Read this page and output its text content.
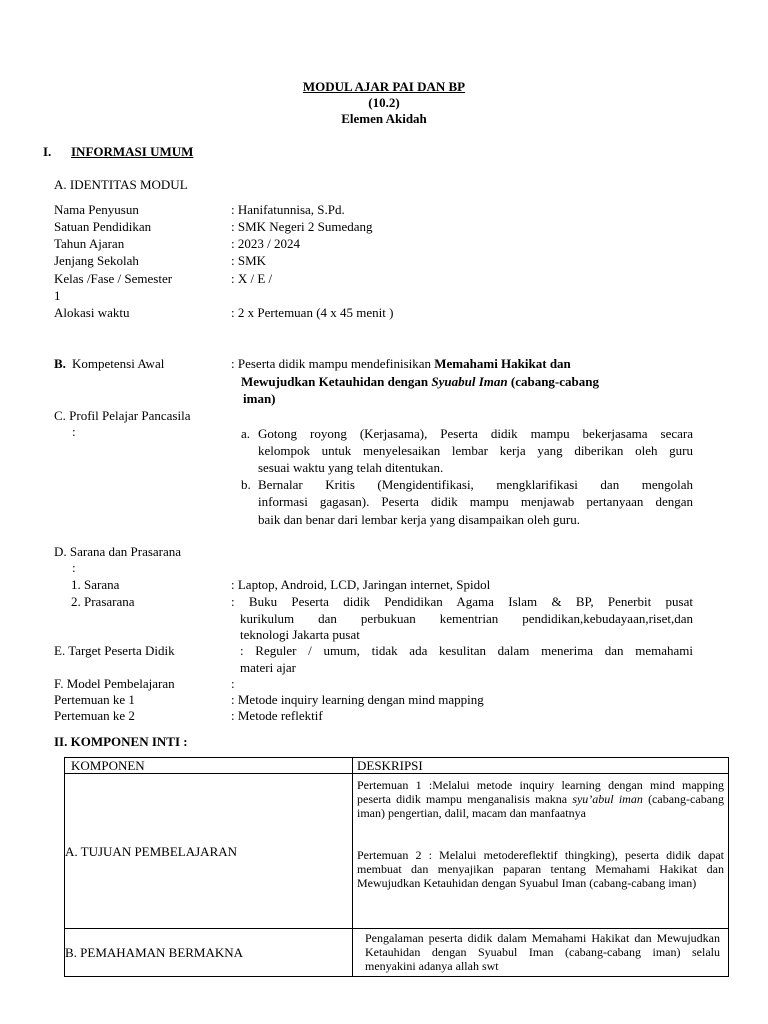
MODUL AJAR PAI DAN BP
(10.2)
Elemen Akidah
I. INFORMASI UMUM
A. IDENTITAS MODUL
Nama Penyusun	: Hanifatunnisa, S.Pd.
Satuan Pendidikan	: SMK Negeri 2 Sumedang
Tahun Ajaran	: 2023 / 2024
Jenjang Sekolah	: SMK
Kelas /Fase / Semester	: X / E /
1
Alokasi waktu	: 2 x Pertemuan (4 x 45 menit )
B. Kompetensi Awal	: Peserta didik mampu mendefinisikan Memahami Hakikat dan
Mewujudkan Ketauhidan dengan Syuabul Iman (cabang-cabang
iman)
C. Profil Pelajar Pancasila
:	a. Gotong royong (Kerjasama), Peserta didik mampu bekerjasama secara
kelompok untuk menyelesaikan lembar kerja yang diberikan oleh guru
sesuai waktu yang telah ditentukan.
b. Bernalar Kritis (Mengidentifikasi, mengklarifikasi dan mengolah
informasi gagasan). Peserta didik mampu menjawab pertanyaan dengan
baik dan benar dari lembar kerja yang disampaikan oleh guru.
D. Sarana dan Prasarana
:
1. Sarana	: Laptop, Android, LCD, Jaringan internet, Spidol
2. Prasarana	: Buku Peserta didik Pendidikan Agama Islam & BP, Penerbit pusat
kurikulum dan perbukuan kementrian pendidikan,kebudayaan,riset,dan
teknologi Jakarta pusat
E. Target Peserta Didik	: Reguler / umum, tidak ada kesulitan dalam menerima dan memahami
materi ajar
F. Model Pembelajaran	:
Pertemuan ke 1	: Metode inquiry learning dengan mind mapping
Pertemuan ke 2	: Metode reflektif
II. KOMPONEN INTI :
KOMPONEN	DESKRIPSI
A. TUJUAN PEMBELAJARAN	Pertemuan 1 :Melalui metode inquiry learning dengan mind mapping peserta didik mampu menganalisis makna syu’abul iman (cabang-cabang iman) pengertian, dalil, macam dan manfaatnya
Pertemuan 2 : Melalui metodereflektif thingking), peserta didik dapat membuat dan menyajikan paparan tentang Memahami Hakikat dan Mewujudkan Ketauhidan dengan Syuabul Iman (cabang-cabang iman)

B. PEMAHAMAN BERMAKNA	Pengalaman peserta didik dalam Memahami Hakikat dan Mewujudkan Ketauhidan dengan Syuabul Iman (cabang-cabang iman) selalu menyakini adanya allah swt
